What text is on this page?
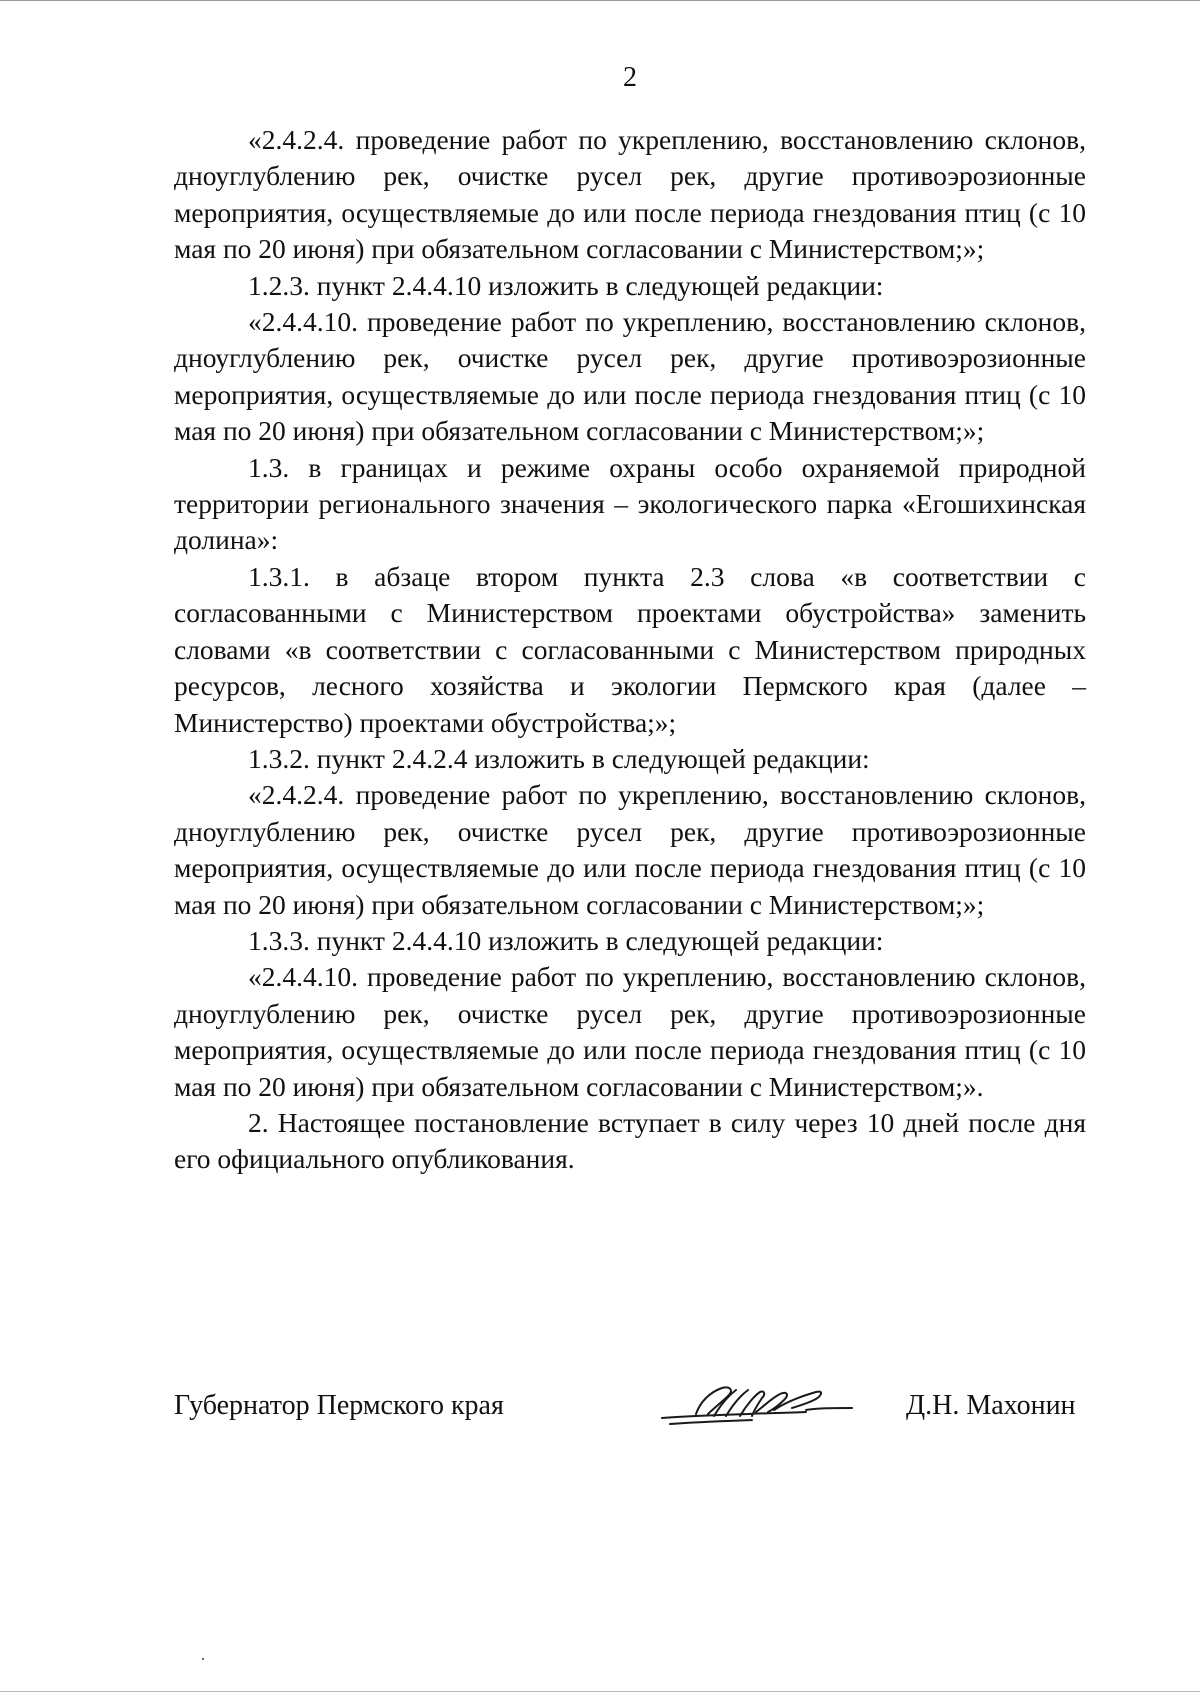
2

«2.4.2.4. проведение работ по укреплению, восстановлению склонов, дноуглублению рек, очистке русел рек, другие противоэрозионные мероприятия, осуществляемые до или после периода гнездования птиц (с 10 мая по 20 июня) при обязательном согласовании с Министерством;»;

1.2.3. пункт 2.4.4.10 изложить в следующей редакции:

«2.4.4.10. проведение работ по укреплению, восстановлению склонов, дноуглублению рек, очистке русел рек, другие противоэрозионные мероприятия, осуществляемые до или после периода гнездования птиц (с 10 мая по 20 июня) при обязательном согласовании с Министерством;»;

1.3. в границах и режиме охраны особо охраняемой природной территории регионального значения – экологического парка «Егошихинская долина»:

1.3.1. в абзаце втором пункта 2.3 слова «в соответствии с согласованными с Министерством проектами обустройства» заменить словами «в соответствии с согласованными с Министерством природных ресурсов, лесного хозяйства и экологии Пермского края (далее – Министерство) проектами обустройства;»;

1.3.2. пункт 2.4.2.4 изложить в следующей редакции:

«2.4.2.4. проведение работ по укреплению, восстановлению склонов, дноуглублению рек, очистке русел рек, другие противоэрозионные мероприятия, осуществляемые до или после периода гнездования птиц (с 10 мая по 20 июня) при обязательном согласовании с Министерством;»;

1.3.3. пункт 2.4.4.10 изложить в следующей редакции:

«2.4.4.10. проведение работ по укреплению, восстановлению склонов, дноуглублению рек, очистке русел рек, другие противоэрозионные мероприятия, осуществляемые до или после периода гнездования птиц (с 10 мая по 20 июня) при обязательном согласовании с Министерством;».

2. Настоящее постановление вступает в силу через 10 дней после дня его официального опубликования.

Губернатор Пермского края	Д.Н. Махонин
